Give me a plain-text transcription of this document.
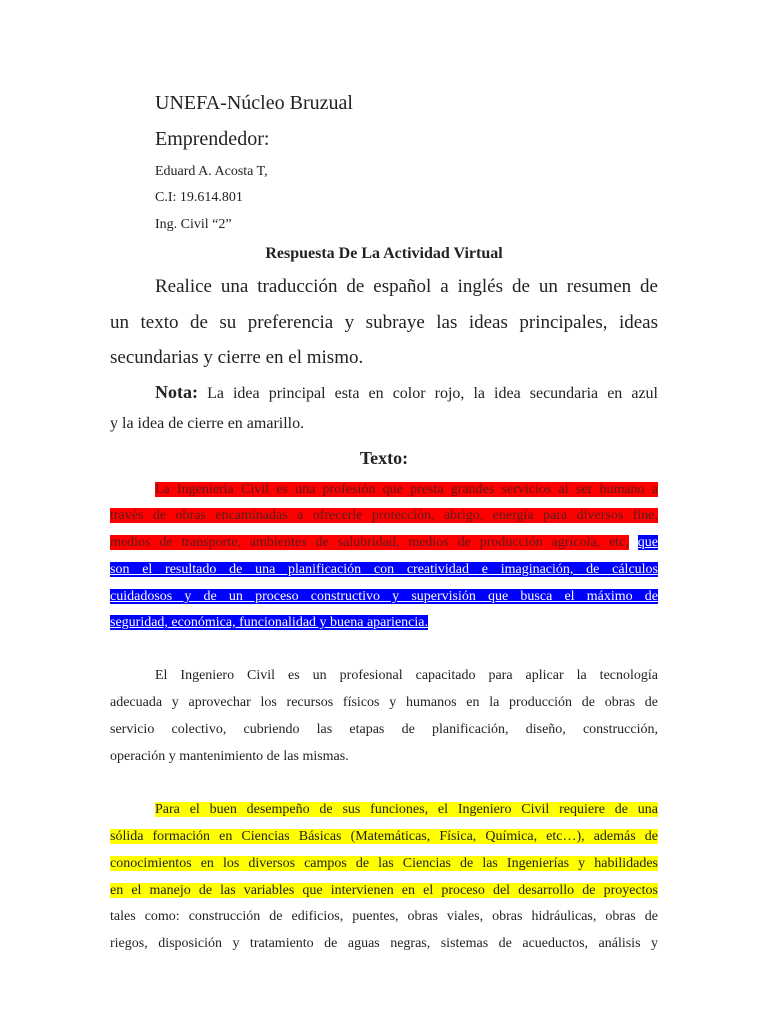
UNEFA-Núcleo Bruzual
Emprendedor:
Eduard A. Acosta T,
C.I: 19.614.801
Ing. Civil “2”
Respuesta De La Actividad Virtual
Realice una traducción de español a inglés de un resumen de
un texto de su preferencia y subraye las ideas principales, ideas
secundarias y cierre en el mismo.
Nota: La idea principal esta en color rojo, la idea secundaria en azul
y la idea de cierre en amarillo.
Texto:
La Ingeniería Civil es una profesión que presta grandes servicios al ser humano a
través de obras encaminadas a ofrecerle protección, abrigo, energía para diversos fine,
medios de transporte, ambientes de salubridad, medios de producción agrícola, etc, que
son el resultado de una planificación con creatividad e imaginación, de cálculos
cuidadosos y de un proceso constructivo y supervisión que busca el máximo de
seguridad, económica, funcionalidad y buena apariencia.
El Ingeniero Civil es un profesional capacitado para aplicar la tecnología
adecuada y aprovechar los recursos físicos y humanos en la producción de obras de
servicio colectivo, cubriendo las etapas de planificación, diseño, construcción,
operación y mantenimiento de las mismas.
Para el buen desempeño de sus funciones, el Ingeniero Civil requiere de una
sólida formación en Ciencias Básicas (Matemáticas, Física, Química, etc…), además de
conocimientos en los diversos campos de las Ciencias de las Ingenierías y habilidades
en el manejo de las variables que intervienen en el proceso del desarrollo de proyectos
tales como: construcción de edificios, puentes, obras viales, obras hidráulicas, obras de
riegos, disposición y tratamiento de aguas negras, sistemas de acueductos, análisis y
